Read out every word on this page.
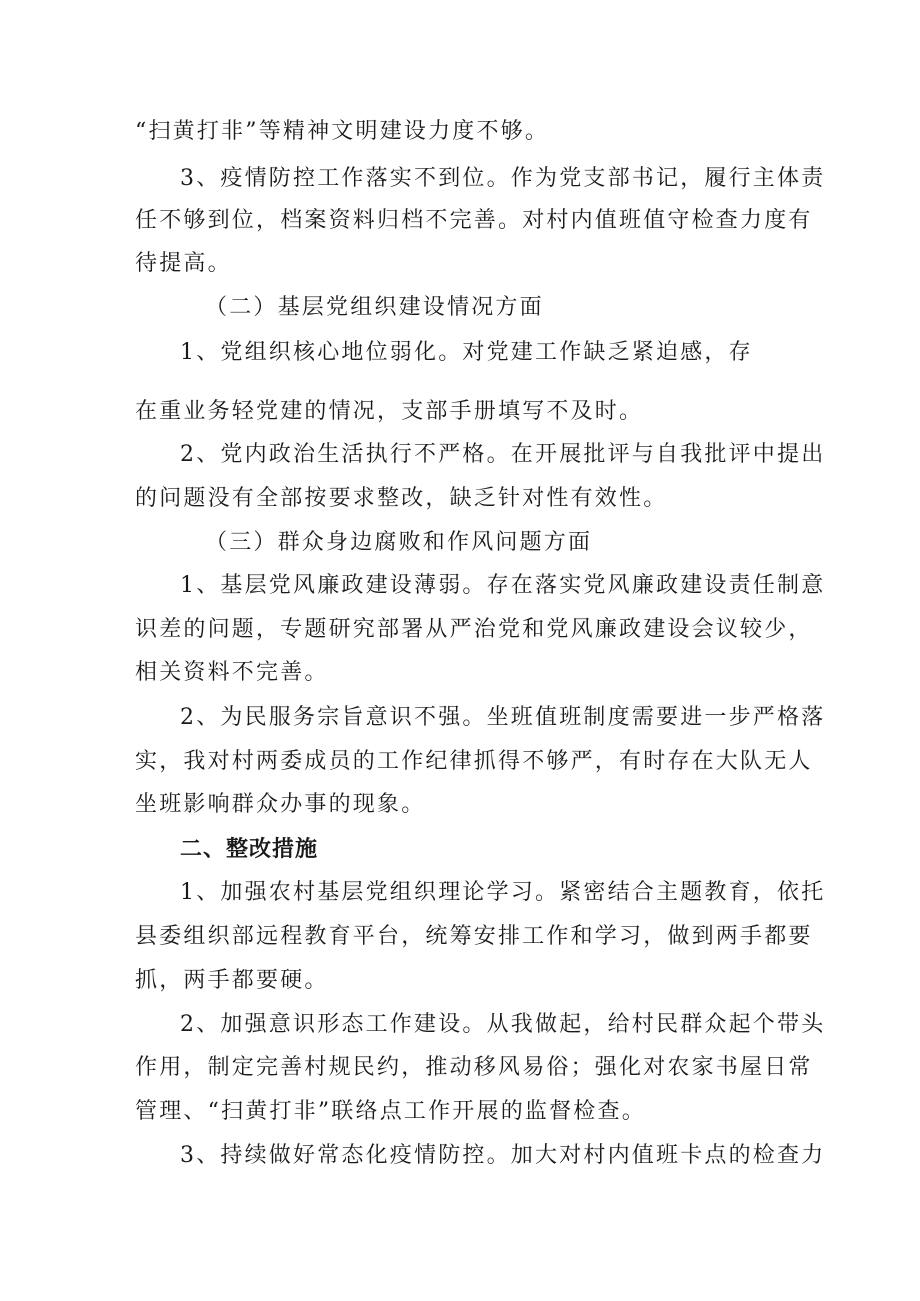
“扫黄打非”等精神文明建设力度不够。
3、疫情防控工作落实不到位。作为党支部书记，履行主体责
任不够到位，档案资料归档不完善。对村内值班值守检查力度有
待提高。
（二）基层党组织建设情况方面
1、党组织核心地位弱化。对党建工作缺乏紧迫感，存
在重业务轻党建的情况，支部手册填写不及时。
2、党内政治生活执行不严格。在开展批评与自我批评中提出
的问题没有全部按要求整改，缺乏针对性有效性。
（三）群众身边腐败和作风问题方面
1、基层党风廉政建设薄弱。存在落实党风廉政建设责任制意
识差的问题，专题研究部署从严治党和党风廉政建设会议较少，
相关资料不完善。
2、为民服务宗旨意识不强。坐班值班制度需要进一步严格落
实，我对村两委成员的工作纪律抓得不够严，有时存在大队无人
坐班影响群众办事的现象。
二、整改措施
1、加强农村基层党组织理论学习。紧密结合主题教育，依托
县委组织部远程教育平台，统筹安排工作和学习，做到两手都要
抓，两手都要硬。
2、加强意识形态工作建设。从我做起，给村民群众起个带头
作用，制定完善村规民约，推动移风易俗；强化对农家书屋日常
管理、“扫黄打非”联络点工作开展的监督检查。
3、持续做好常态化疫情防控。加大对村内值班卡点的检查力
